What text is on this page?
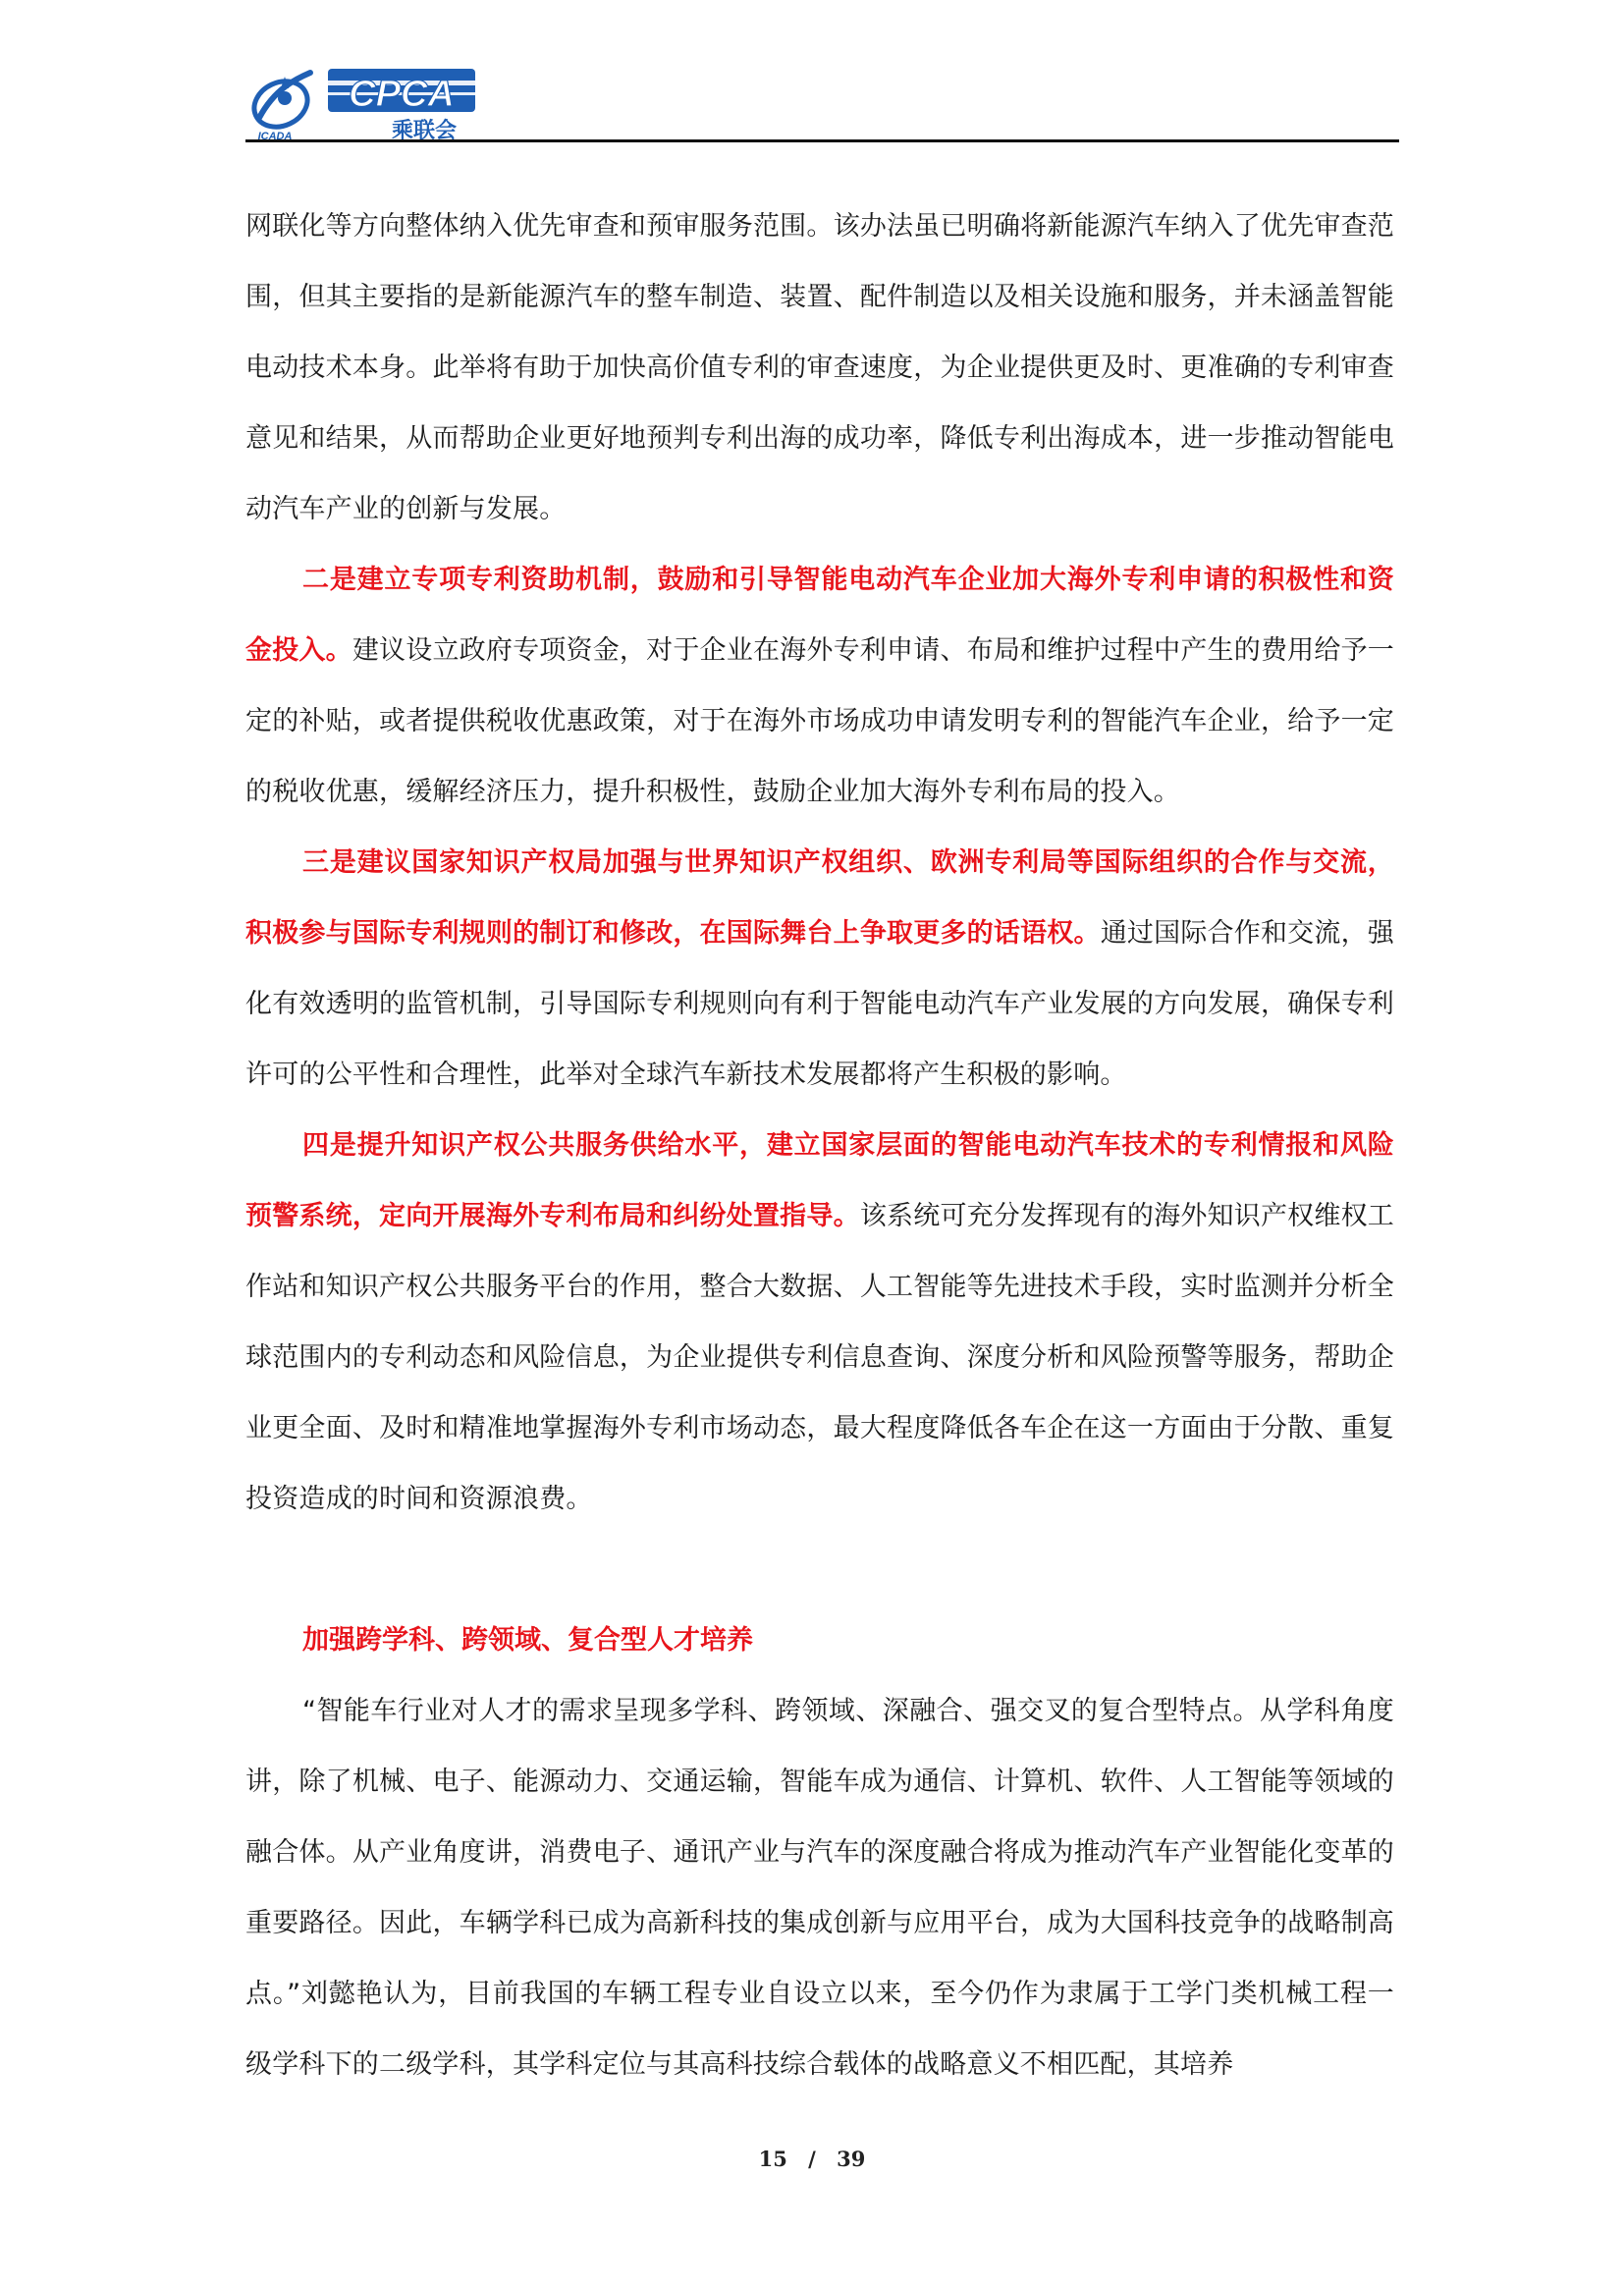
CPCA
乘联会
ICADA

网联化等方向整体纳入优先审查和预审服务范围。该办法虽已明确将新能源汽车纳入了优先审查范围，但其主要指的是新能源汽车的整车制造、装置、配件制造以及相关设施和服务，并未涵盖智能电动技术本身。此举将有助于加快高价值专利的审查速度，为企业提供更及时、更准确的专利审查意见和结果，从而帮助企业更好地预判专利出海的成功率，降低专利出海成本，进一步推动智能电动汽车产业的创新与发展。

二是建立专项专利资助机制，鼓励和引导智能电动汽车企业加大海外专利申请的积极性和资金投入。建议设立政府专项资金，对于企业在海外专利申请、布局和维护过程中产生的费用给予一定的补贴，或者提供税收优惠政策，对于在海外市场成功申请发明专利的智能汽车企业，给予一定的税收优惠，缓解经济压力，提升积极性，鼓励企业加大海外专利布局的投入。

三是建议国家知识产权局加强与世界知识产权组织、欧洲专利局等国际组织的合作与交流，积极参与国际专利规则的制订和修改，在国际舞台上争取更多的话语权。通过国际合作和交流，强化有效透明的监管机制，引导国际专利规则向有利于智能电动汽车产业发展的方向发展，确保专利许可的公平性和合理性，此举对全球汽车新技术发展都将产生积极的影响。

四是提升知识产权公共服务供给水平，建立国家层面的智能电动汽车技术的专利情报和风险预警系统，定向开展海外专利布局和纠纷处置指导。该系统可充分发挥现有的海外知识产权维权工作站和知识产权公共服务平台的作用，整合大数据、人工智能等先进技术手段，实时监测并分析全球范围内的专利动态和风险信息，为企业提供专利信息查询、深度分析和风险预警等服务，帮助企业更全面、及时和精准地掌握海外专利市场动态，最大程度降低各车企在这一方面由于分散、重复投资造成的时间和资源浪费。

加强跨学科、跨领域、复合型人才培养

“智能车行业对人才的需求呈现多学科、跨领域、深融合、强交叉的复合型特点。从学科角度讲，除了机械、电子、能源动力、交通运输，智能车成为通信、计算机、软件、人工智能等领域的融合体。从产业角度讲，消费电子、通讯产业与汽车的深度融合将成为推动汽车产业智能化变革的重要路径。因此，车辆学科已成为高新科技的集成创新与应用平台，成为大国科技竞争的战略制高点。”刘懿艳认为，目前我国的车辆工程专业自设立以来，至今仍作为隶属于工学门类机械工程一级学科下的二级学科，其学科定位与其高科技综合载体的战略意义不相匹配，其培养

15 / 39
